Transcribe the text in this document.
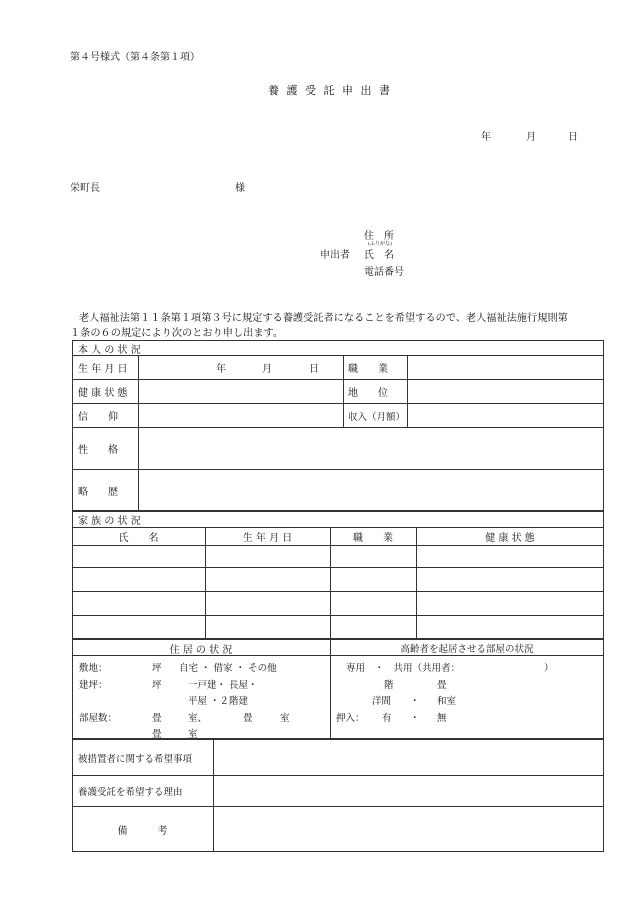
第４号様式（第４条第１項）
養 護 受 託 申 出 書
年	月	日
栄町長	様
住　所
(ふりがな)
申出者 氏　名
電話番号
老人福祉法第１１条第１項第３号に規定する養護受託者になることを希望するので、老人福祉法施行規則第
１条の６の規定により次のとおり申し出ます。
本 人 の 状 況
生 年 月 日	年	月	日	職　　業
健 康 状 態	地　　位
信　　仰	収入（月額）
性　　格
略　　歴
家 族 の 状 況
氏　　名	生 年 月 日	職　　業	健 康 状 態
住 居 の 状 況	高齢者を起居させる部屋の状況
敷地：	坪 自宅 ・ 借家 ・ その他
建坪：	坪	一戸建・ 長屋・
平屋 ・２階建
部屋数：	畳	室、	畳	室
畳	室
専用　・　共用（共用者：	）
階	畳
洋間 ・ 和室
押入： 有 ・ 無
被措置者に関する希望事項
養護受託を希望する理由
備　　　考
